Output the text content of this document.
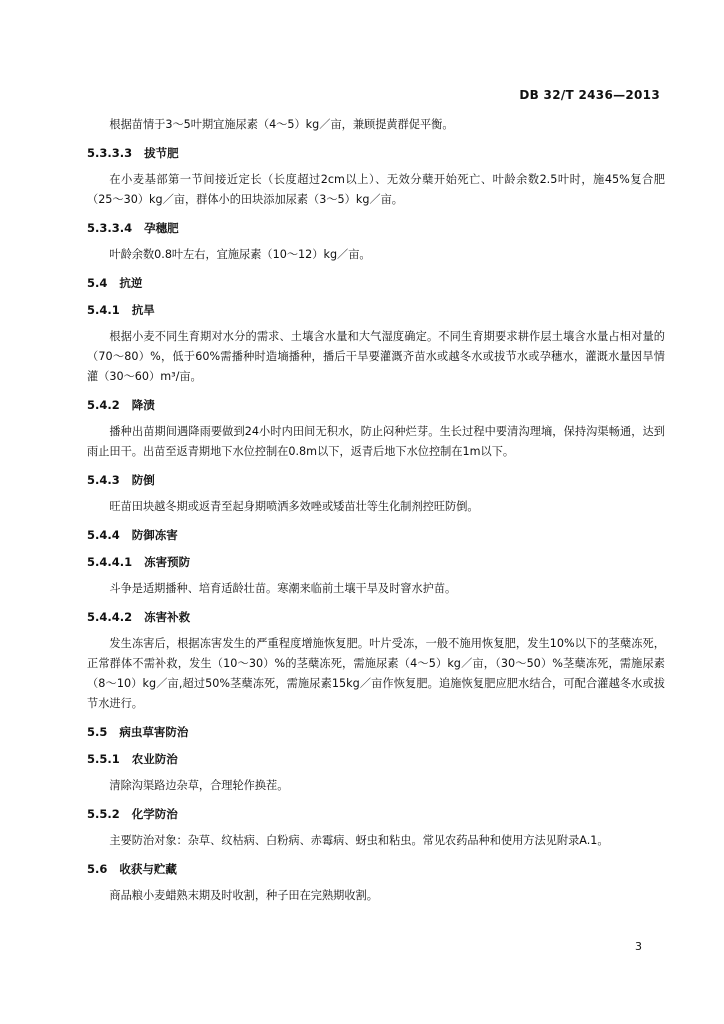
DB 32/T 2436—2013

根据苗情于3～5叶期宜施尿素（4～5）kg／亩，兼顾提黄群促平衡。

5.3.3.3 拔节肥

在小麦基部第一节间接近定长（长度超过2cm以上）、无效分蘖开始死亡、叶龄余数2.5叶时，施45%复合肥（25～30）kg／亩，群体小的田块添加尿素（3～5）kg／亩。

5.3.3.4 孕穗肥

叶龄余数0.8叶左右，宜施尿素（10～12）kg／亩。

5.4 抗逆
5.4.1 抗旱

根据小麦不同生育期对水分的需求、土壤含水量和大气湿度确定。不同生育期要求耕作层土壤含水量占相对量的（70～80）%，低于60%需播种时造墒播种，播后干旱要灌溉齐苗水或越冬水或拔节水或孕穗水，灌溉水量因旱情灌（30～60）m³/亩。

5.4.2 降渍

播种出苗期间遇降雨要做到24小时内田间无积水，防止闷种烂芽。生长过程中要清沟理墒，保持沟渠畅通，达到雨止田干。出苗至返青期地下水位控制在0.8m以下，返青后地下水位控制在1m以下。

5.4.3 防倒

旺苗田块越冬期或返青至起身期喷洒多效唑或矮苗壮等生化制剂控旺防倒。

5.4.4 防御冻害
5.4.4.1 冻害预防

斗争是适期播种、培育适龄壮苗。寒潮来临前土壤干旱及时窨水护苗。

5.4.4.2 冻害补救

发生冻害后，根据冻害发生的严重程度增施恢复肥。叶片受冻，一般不施用恢复肥，发生10%以下的茎蘖冻死，正常群体不需补救，发生（10～30）%的茎蘖冻死，需施尿素（4～5）kg／亩，（30～50）%茎蘖冻死，需施尿素（8～10）kg／亩,超过50%茎蘖冻死，需施尿素15kg／亩作恢复肥。追施恢复肥应肥水结合，可配合灌越冬水或拔节水进行。

5.5 病虫草害防治
5.5.1 农业防治

清除沟渠路边杂草，合理轮作换茬。

5.5.2 化学防治

主要防治对象：杂草、纹枯病、白粉病、赤霉病、蚜虫和粘虫。常见农药品种和使用方法见附录A.1。

5.6 收获与贮藏

商品粮小麦蜡熟末期及时收割，种子田在完熟期收割。

3
